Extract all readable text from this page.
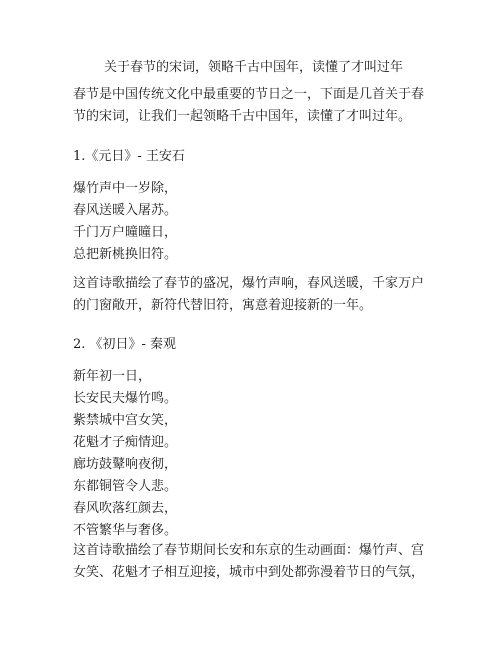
关于春节的宋词，领略千古中国年，读懂了才叫过年
春节是中国传统文化中最重要的节日之一，下面是几首关于春
节的宋词，让我们一起领略千古中国年，读懂了才叫过年。
1.《元日》- 王安石
爆竹声中一岁除，
春风送暖入屠苏。
千门万户曈曈日，
总把新桃换旧符。
这首诗歌描绘了春节的盛况，爆竹声响，春风送暖，千家万户
的门窗敞开，新符代替旧符，寓意着迎接新的一年。
2. 《初日》- 秦观
新年初一日，
长安民夫爆竹鸣。
紫禁城中宫女笑，
花魁才子痴情迎。
廊坊鼓鼙响夜彻，
东都铜管令人悲。
春风吹落红颜去，
不管繁华与奢侈。
这首诗歌描绘了春节期间长安和东京的生动画面：爆竹声、宫
女笑、花魁才子相互迎接，城市中到处都弥漫着节日的气氛，
